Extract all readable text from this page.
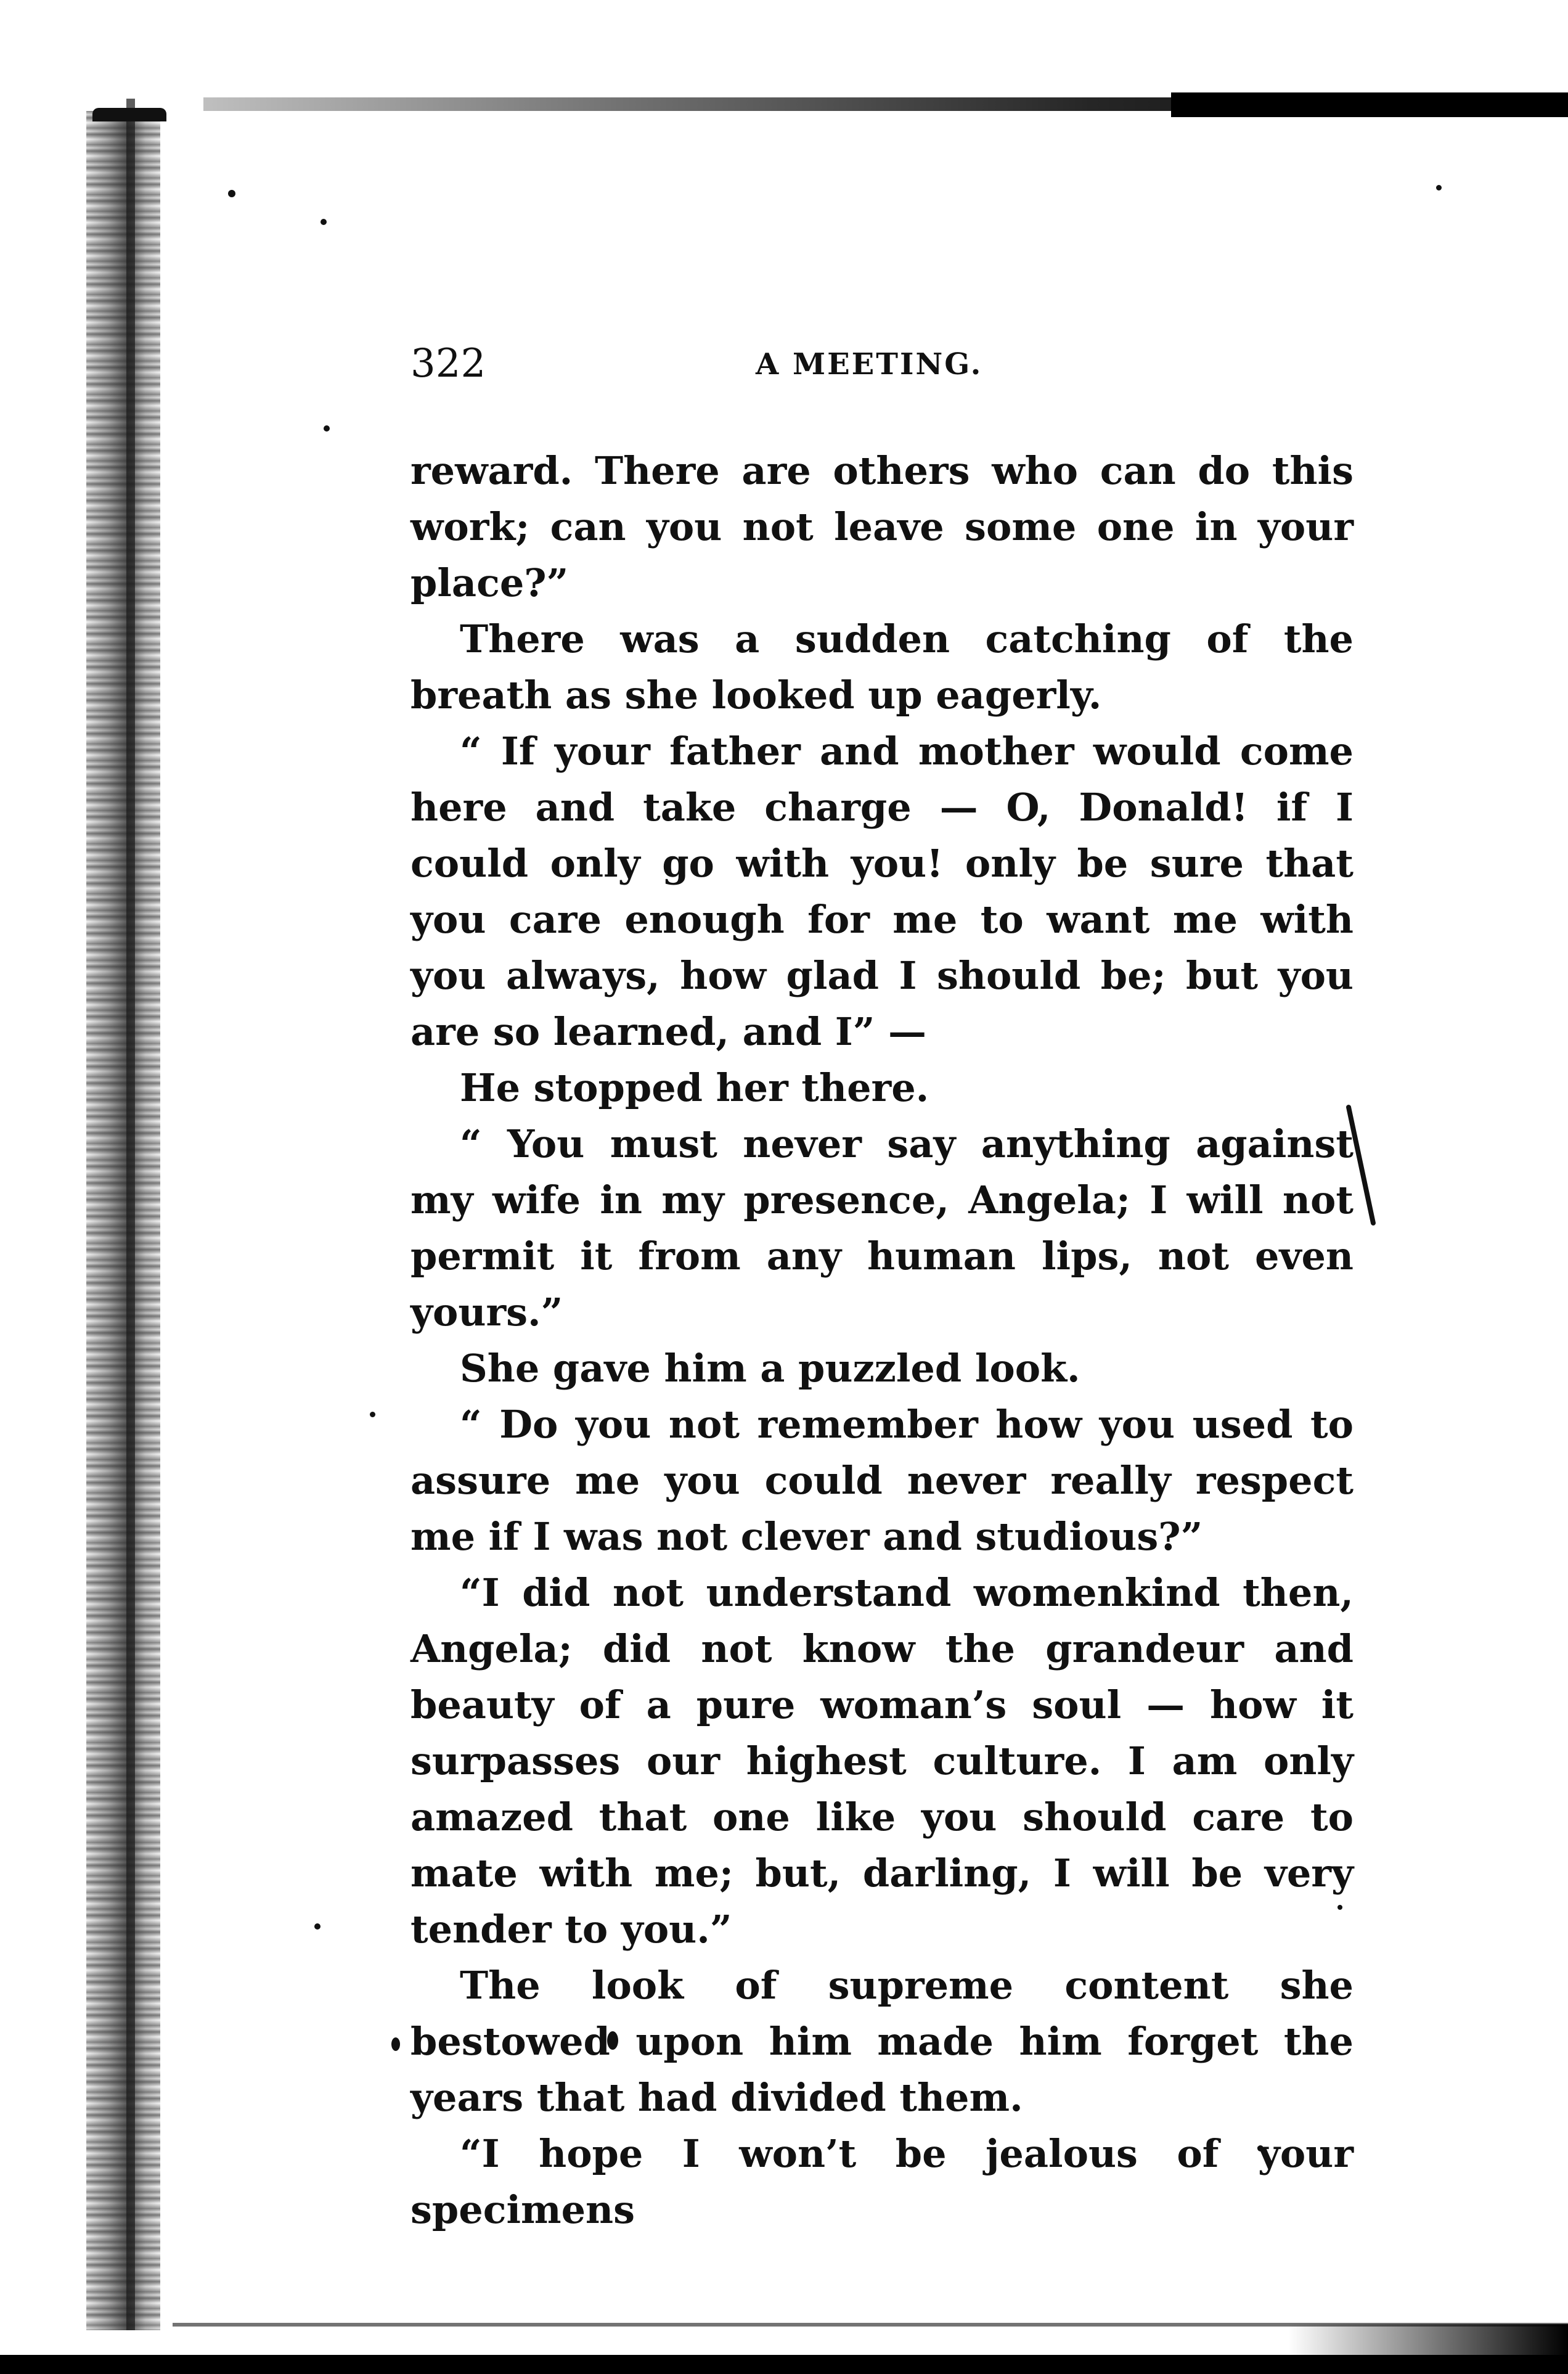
322	A MEETING.

reward. There are others who can do this work; can you not leave some one in your place?”

There was a sudden catching of the breath as she looked up eagerly.

“ If your father and mother would come here and take charge — O, Donald! if I could only go with you! only be sure that you care enough for me to want me with you always, how glad I should be; but you are so learned, and I” —

He stopped her there.

“ You must never say anything against my wife in my presence, Angela; I will not permit it from any human lips, not even yours.”

She gave him a puzzled look.

“ Do you not remember how you used to assure me you could never really respect me if I was not clever and studious?”

“I did not understand womenkind then, Angela; did not know the grandeur and beauty of a pure woman’s soul — how it surpasses our highest culture. I am only amazed that one like you should care to mate with me; but, darling, I will be very tender to you.”

The look of supreme content she bestowed upon him made him forget the years that had divided them.

“I hope I won’t be jealous of your specimens
